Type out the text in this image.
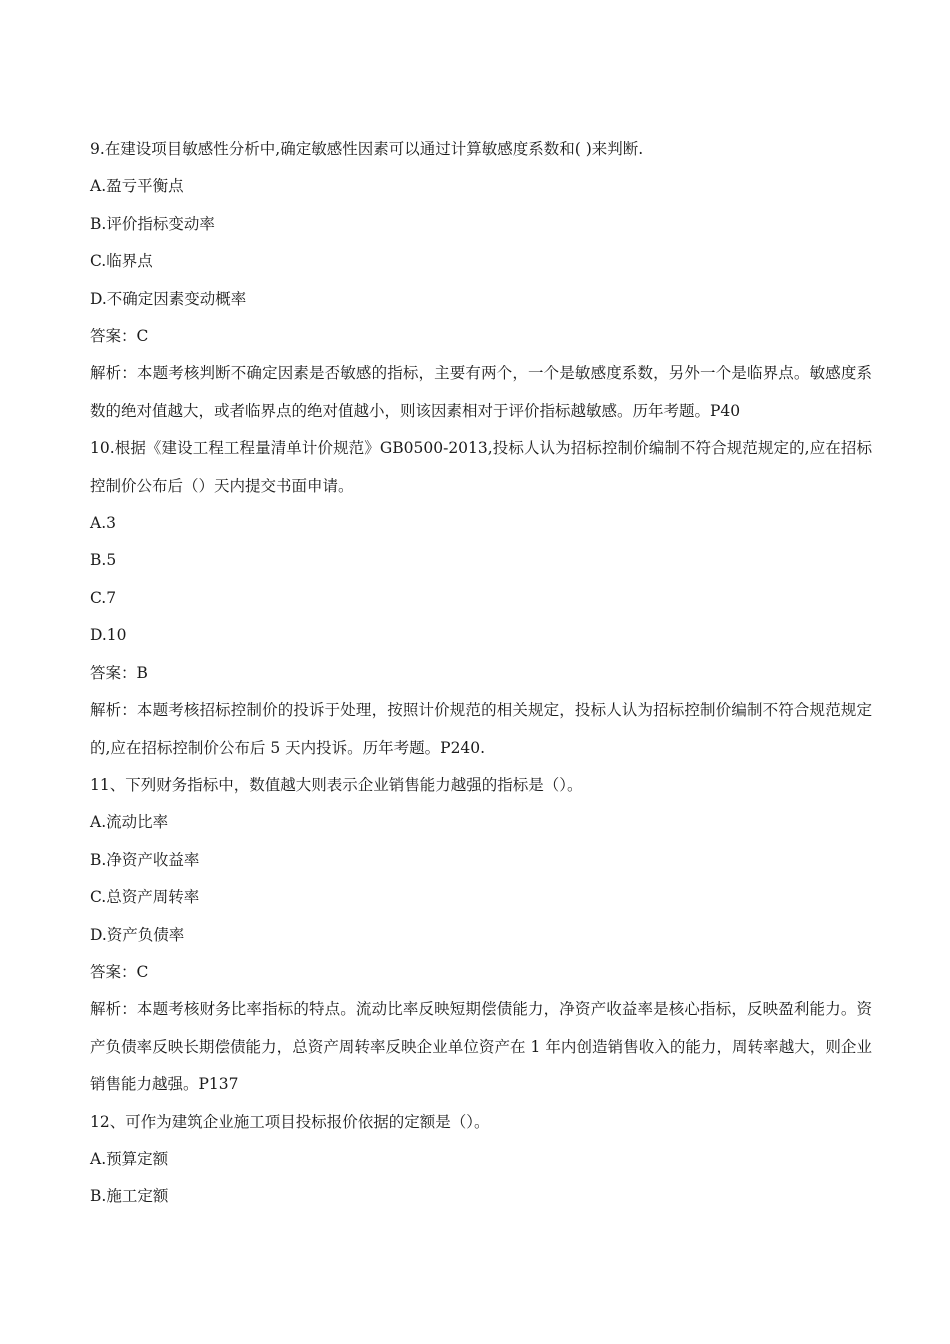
9.在建设项目敏感性分析中,确定敏感性因素可以通过计算敏感度系数和( )来判断.

A.盈亏平衡点

B.评价指标变动率

C.临界点

D.不确定因素变动概率

答案：C

解析：本题考核判断不确定因素是否敏感的指标，主要有两个，一个是敏感度系数，另外一个是临界点。敏感度系数的绝对值越大，或者临界点的绝对值越小，则该因素相对于评价指标越敏感。历年考题。P40

10.根据《建设工程工程量清单计价规范》GB0500-2013,投标人认为招标控制价编制不符合规范规定的,应在招标控制价公布后（）天内提交书面申请。

A.3

B.5

C.7

D.10

答案：B

解析：本题考核招标控制价的投诉于处理，按照计价规范的相关规定，投标人认为招标控制价编制不符合规范规定的,应在招标控制价公布后 5 天内投诉。历年考题。P240.

11、下列财务指标中，数值越大则表示企业销售能力越强的指标是（）。

A.流动比率

B.净资产收益率

C.总资产周转率

D.资产负债率

答案：C

解析：本题考核财务比率指标的特点。流动比率反映短期偿债能力，净资产收益率是核心指标，反映盈利能力。资产负债率反映长期偿债能力，总资产周转率反映企业单位资产在 1 年内创造销售收入的能力，周转率越大，则企业销售能力越强。P137

12、可作为建筑企业施工项目投标报价依据的定额是（）。

A.预算定额

B.施工定额
